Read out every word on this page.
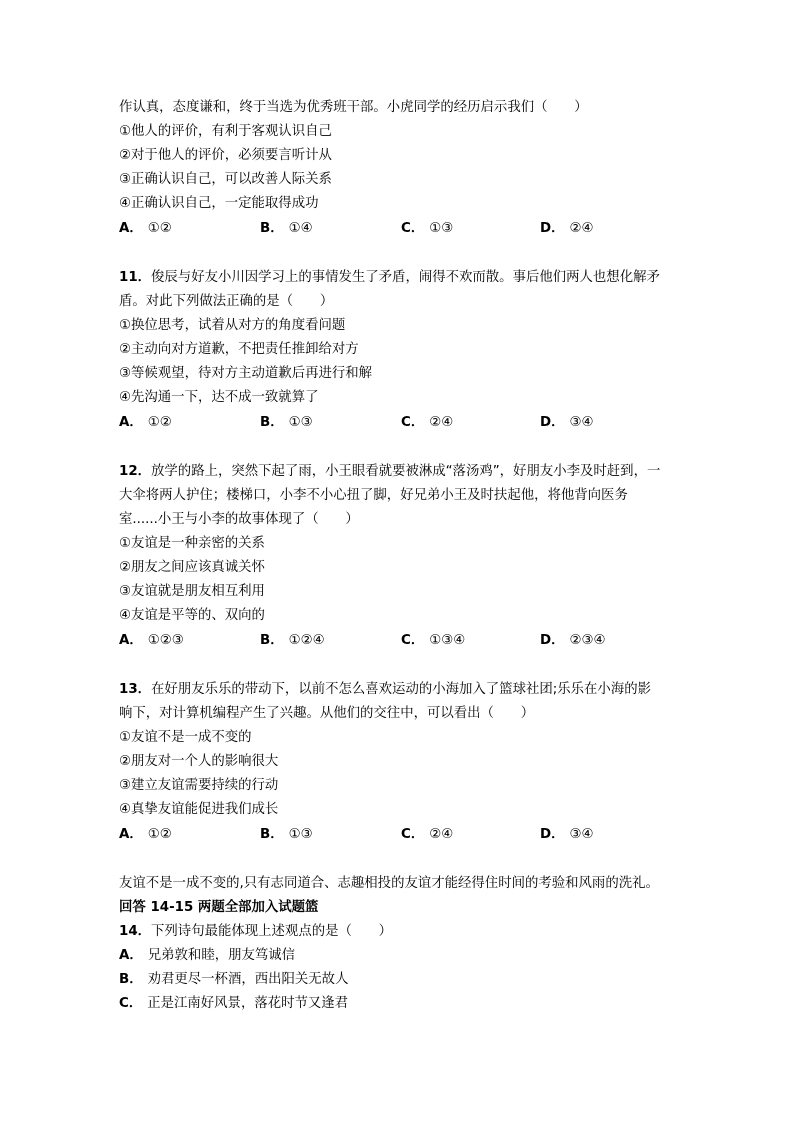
作认真，态度谦和，终于当选为优秀班干部。小虎同学的经历启示我们（　　）
①他人的评价，有利于客观认识自己
②对于他人的评价，必须要言听计从
③正确认识自己，可以改善人际关系
④正确认识自己，一定能取得成功
A． ①②	B． ①④	C． ①③	D． ②④
11．俊辰与好友小川因学习上的事情发生了矛盾，闹得不欢而散。事后他们两人也想化解矛
盾。对此下列做法正确的是（　　）
①换位思考，试着从对方的角度看问题
②主动向对方道歉，不把责任推卸给对方
③等候观望，待对方主动道歉后再进行和解
④先沟通一下，达不成一致就算了
A． ①②	B． ①③	C． ②④	D． ③④
12．放学的路上，突然下起了雨，小王眼看就要被淋成“落汤鸡”，好朋友小李及时赶到，一
大伞将两人护住；楼梯口，小李不小心扭了脚，好兄弟小王及时扶起他，将他背向医务
室......小王与小李的故事体现了（　　）
①友谊是一种亲密的关系
②朋友之间应该真诚关怀
③友谊就是朋友相互利用
④友谊是平等的、双向的
A． ①②③	B． ①②④	C． ①③④	D． ②③④
13．在好朋友乐乐的带动下，以前不怎么喜欢运动的小海加入了篮球社团;乐乐在小海的影
响下，对计算机编程产生了兴趣。从他们的交往中，可以看出（　　）
①友谊不是一成不变的
②朋友对一个人的影响很大
③建立友谊需要持续的行动
④真挚友谊能促进我们成长
A． ①②	B． ①③	C． ②④	D． ③④
友谊不是一成不变的,只有志同道合、志趣相投的友谊才能经得住时间的考验和风雨的洗礼。
回答 14-15 两题全部加入试题篮
14．下列诗句最能体现上述观点的是（　　）
A． 兄弟敦和睦，朋友笃诚信
B． 劝君更尽一杯酒，西出阳关无故人
C． 正是江南好风景，落花时节又逢君
